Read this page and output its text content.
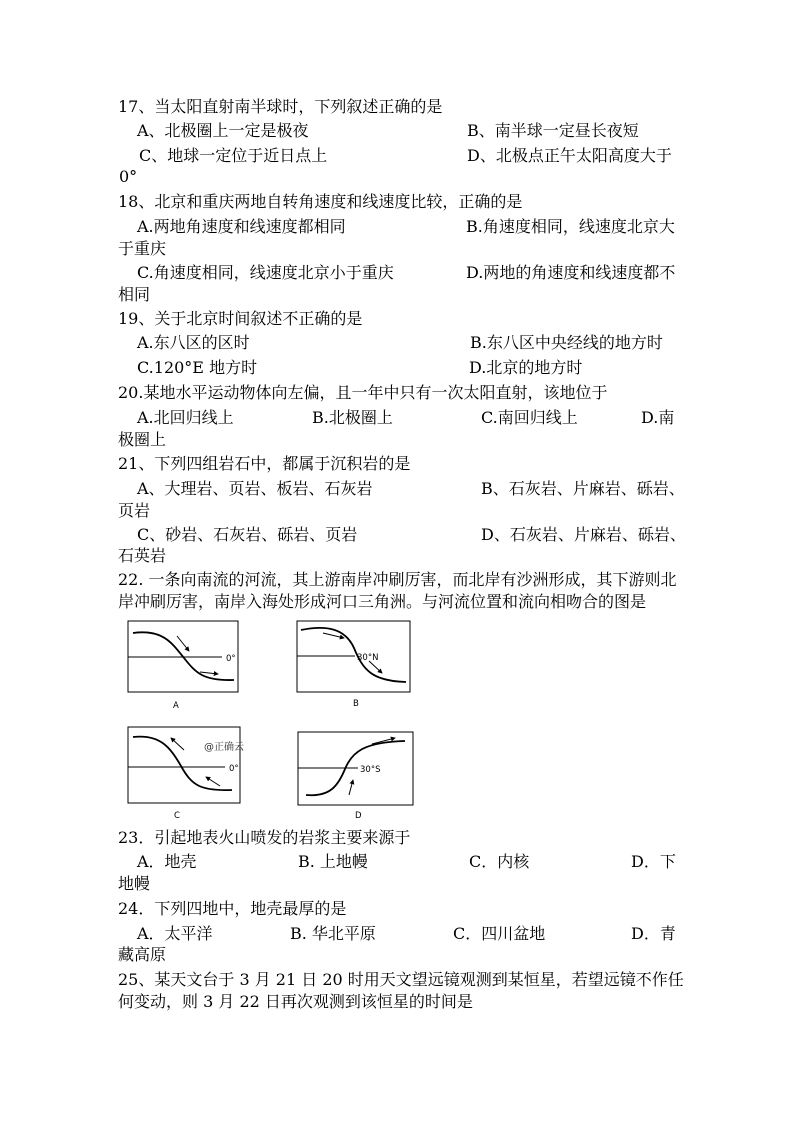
17、当太阳直射南半球时，下列叙述正确的是
A、北极圈上一定是极夜	B、南半球一定昼长夜短
C、地球一定位于近日点上	D、北极点正午太阳高度大于
0°
18、北京和重庆两地自转角速度和线速度比较，正确的是
A.两地角速度和线速度都相同	B.角速度相同，线速度北京大
于重庆
C.角速度相同，线速度北京小于重庆	D.两地的角速度和线速度都不
相同
19、关于北京时间叙述不正确的是
A.东八区的区时	B.东八区中央经线的地方时
C.120°E 地方时	D.北京的地方时
20.某地水平运动物体向左偏，且一年中只有一次太阳直射，该地位于
A.北回归线上	B.北极圈上	C.南回归线上	D.南
极圈上
21、下列四组岩石中，都属于沉积岩的是
A、大理岩、页岩、板岩、石灰岩	B、石灰岩、片麻岩、砾岩、
页岩
C、砂岩、石灰岩、砾岩、页岩	D、石灰岩、片麻岩、砾岩、
石英岩
22. 一条向南流的河流，其上游南岸冲刷厉害，而北岸有沙洲形成，其下游则北
岸冲刷厉害，南岸入海处形成河口三角洲。与河流位置和流向相吻合的图是
0°
A
30°N
B
0°
@正确云
C
30°S
D
23．引起地表火山喷发的岩浆主要来源于
A．地壳	B. 上地幔	C．内核	D．下
地幔
24．下列四地中，地壳最厚的是
A．太平洋	B. 华北平原	C．四川盆地	D．青
藏高原
25、某天文台于 3 月 21 日 20 时用天文望远镜观测到某恒星，若望远镜不作任
何变动，则 3 月 22 日再次观测到该恒星的时间是
